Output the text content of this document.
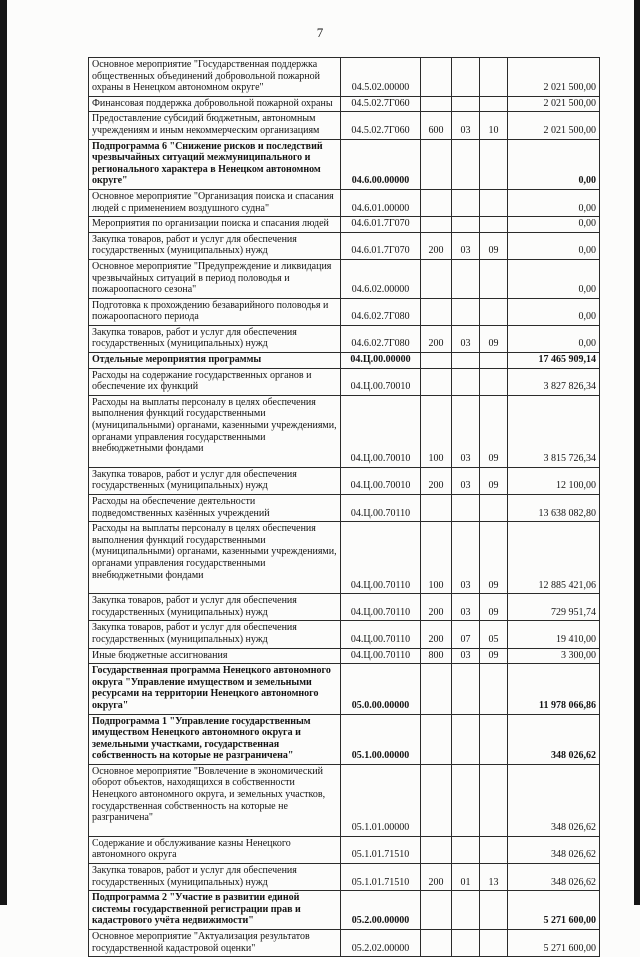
7
Основное мероприятие "Государственная поддержка общественных объединений добровольной пожарной охраны в Ненецком автономном округе"	04.5.02.00000				2 021 500,00
Финансовая поддержка добровольной пожарной охраны	04.5.02.7Г060				2 021 500,00
Предоставление субсидий бюджетным, автономным учреждениям и иным некоммерческим организациям	04.5.02.7Г060	600	03	10	2 021 500,00
Подпрограмма 6 "Снижение рисков и последствий чрезвычайных ситуаций межмуниципального и регионального характера в Ненецком автономном округе"	04.6.00.00000				0,00
Основное мероприятие "Организация поиска и спасания людей с применением воздушного судна"	04.6.01.00000				0,00
Мероприятия по организации поиска и спасания людей	04.6.01.7Г070				0,00
Закупка товаров, работ и услуг для обеспечения государственных (муниципальных) нужд	04.6.01.7Г070	200	03	09	0,00
Основное мероприятие "Предупреждение и ликвидация чрезвычайных ситуаций в период половодья и пожароопасного сезона"	04.6.02.00000				0,00
Подготовка к прохождению безаварийного половодья и пожароопасного периода	04.6.02.7Г080				0,00
Закупка товаров, работ и услуг для обеспечения государственных (муниципальных) нужд	04.6.02.7Г080	200	03	09	0,00
Отдельные мероприятия программы	04.Ц.00.00000				17 465 909,14
Расходы на содержание государственных органов и обеспечение их функций	04.Ц.00.70010				3 827 826,34
Расходы на выплаты персоналу в целях обеспечения выполнения функций государственными (муниципальными) органами, казенными учреждениями, органами управления государственными внебюджетными фондами	04.Ц.00.70010	100	03	09	3 815 726,34
Закупка товаров, работ и услуг для обеспечения государственных (муниципальных) нужд	04.Ц.00.70010	200	03	09	12 100,00
Расходы на обеспечение деятельности подведомственных казённых учреждений	04.Ц.00.70110				13 638 082,80
Расходы на выплаты персоналу в целях обеспечения выполнения функций государственными (муниципальными) органами, казенными учреждениями, органами управления государственными внебюджетными фондами	04.Ц.00.70110	100	03	09	12 885 421,06
Закупка товаров, работ и услуг для обеспечения государственных (муниципальных) нужд	04.Ц.00.70110	200	03	09	729 951,74
Закупка товаров, работ и услуг для обеспечения государственных (муниципальных) нужд	04.Ц.00.70110	200	07	05	19 410,00
Иные бюджетные ассигнования	04.Ц.00.70110	800	03	09	3 300,00
Государственная программа Ненецкого автономного округа "Управление имуществом и земельными ресурсами на территории Ненецкого автономного округа"	05.0.00.00000				11 978 066,86
Подпрограмма 1 "Управление государственным имуществом Ненецкого автономного округа и земельными участками, государственная собственность на которые не разграничена"	05.1.00.00000				348 026,62
Основное мероприятие "Вовлечение в экономический оборот объектов, находящихся в собственности Ненецкого автономного округа, и земельных участков, государственная собственность на которые не разграничена"	05.1.01.00000				348 026,62
Содержание и обслуживание казны Ненецкого автономного округа	05.1.01.71510				348 026,62
Закупка товаров, работ и услуг для обеспечения государственных (муниципальных) нужд	05.1.01.71510	200	01	13	348 026,62
Подпрограмма 2 "Участие в развитии единой системы государственной регистрации прав и кадастрового учёта недвижимости"	05.2.00.00000				5 271 600,00
Основное мероприятие "Актуализация результатов государственной кадастровой оценки"	05.2.02.00000				5 271 600,00
